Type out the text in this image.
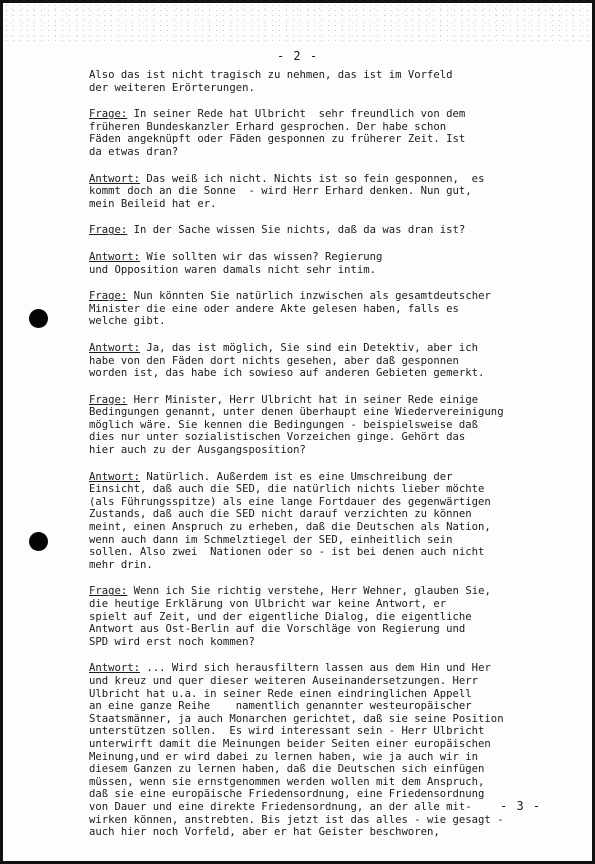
- 2 -
Also das ist nicht tragisch zu nehmen, das ist im Vorfeld
der weiteren Erörterungen.
Frage: In seiner Rede hat Ulbricht  sehr freundlich von dem
früheren Bundeskanzler Erhard gesprochen. Der habe schon
Fäden angeknüpft oder Fäden gesponnen zu früherer Zeit. Ist
da etwas dran?
Antwort: Das weiß ich nicht. Nichts ist so fein gesponnen,  es
kommt doch an die Sonne  - wird Herr Erhard denken. Nun gut,
mein Beileid hat er.
Frage: In der Sache wissen Sie nichts, daß da was dran ist?
Antwort: Wie sollten wir das wissen? Regierung
und Opposition waren damals nicht sehr intim.
Frage: Nun könnten Sie natürlich inzwischen als gesamtdeutscher
Minister die eine oder andere Akte gelesen haben, falls es
welche gibt.
Antwort: Ja, das ist möglich, Sie sind ein Detektiv, aber ich
habe von den Fäden dort nichts gesehen, aber daß gesponnen
worden ist, das habe ich sowieso auf anderen Gebieten gemerkt.
Frage: Herr Minister, Herr Ulbricht hat in seiner Rede einige
Bedingungen genannt, unter denen überhaupt eine Wiedervereinigung
möglich wäre. Sie kennen die Bedingungen - beispielsweise daß
dies nur unter sozialistischen Vorzeichen ginge. Gehört das
hier auch zu der Ausgangsposition?
Antwort: Natürlich. Außerdem ist es eine Umschreibung der
Einsicht, daß auch die SED, die natürlich nichts lieber möchte
(als Führungsspitze) als eine lange Fortdauer des gegenwärtigen
Zustands, daß auch die SED nicht darauf verzichten zu können
meint, einen Anspruch zu erheben, daß die Deutschen als Nation,
wenn auch dann im Schmelztiegel der SED, einheitlich sein
sollen. Also zwei  Nationen oder so - ist bei denen auch nicht
mehr drin.
Frage: Wenn ich Sie richtig verstehe, Herr Wehner, glauben Sie,
die heutige Erklärung von Ulbricht war keine Antwort, er
spielt auf Zeit, und der eigentliche Dialog, die eigentliche
Antwort aus Ost-Berlin auf die Vorschläge von Regierung und
SPD wird erst noch kommen?
Antwort: ... Wird sich herausfiltern lassen aus dem Hin und Her
und kreuz und quer dieser weiteren Auseinandersetzungen. Herr
Ulbricht hat u.a. in seiner Rede einen eindringlichen Appell
an eine ganze Reihe    namentlich genannter westeuropäischer
Staatsmänner, ja auch Monarchen gerichtet, daß sie seine Position
unterstützen sollen.  Es wird interessant sein - Herr Ulbricht
unterwirft damit die Meinungen beider Seiten einer europäischen
Meinung,und er wird dabei zu lernen haben, wie ja auch wir in
diesem Ganzen zu lernen haben, daß die Deutschen sich einfügen
müssen, wenn sie ernstgenommen werden wollen mit dem Anspruch,
daß sie eine europäische Friedensordnung, eine Friedensordnung
von Dauer und eine direkte Friedensordnung, an der alle mit-
wirken können, anstrebten. Bis jetzt ist das alles - wie gesagt -
auch hier noch Vorfeld, aber er hat Geister beschworen,
- 3 -
